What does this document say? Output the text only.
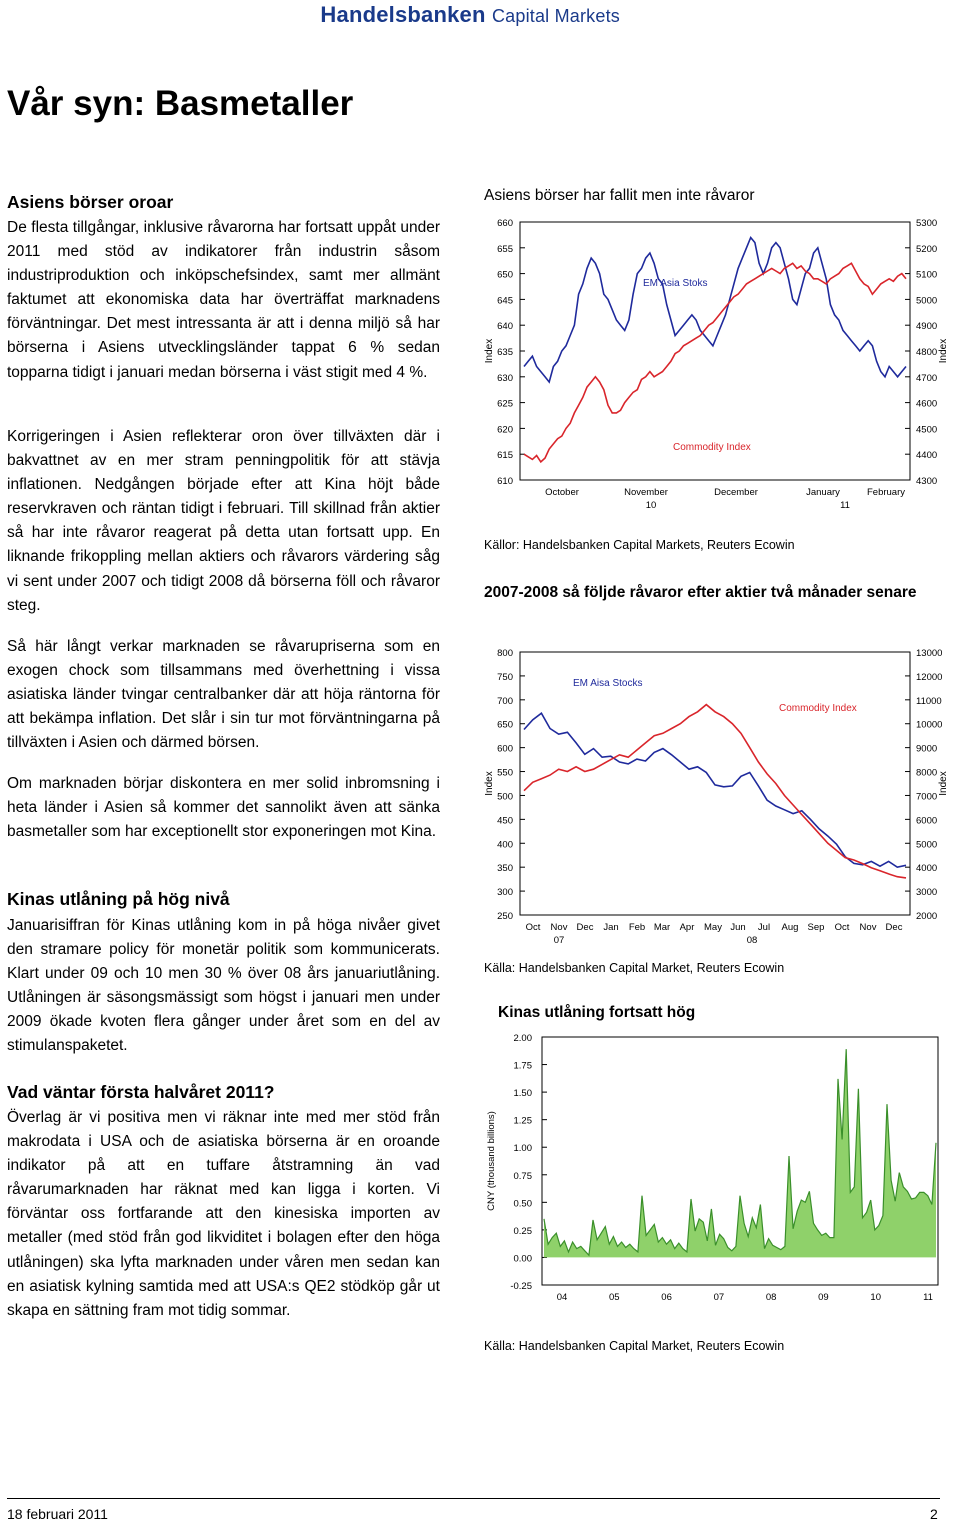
Handelsbanken Capital Markets
Vår syn: Basmetaller
Asiens börser oroar

De flesta tillgångar, inklusive råvarorna har fortsatt uppåt under 2011 med stöd av indikatorer från industrin såsom industriproduktion och inköpschefsindex, samt mer allmänt faktumet att ekonomiska data har överträffat marknadens förväntningar. Det mest intressanta är att i denna miljö så har börserna i Asiens utvecklingsländer tappat 6 % sedan topparna tidigt i januari medan börserna i väst stigit med 4 %.

Korrigeringen i Asien reflekterar oron över tillväxten där i bakvattnet av en mer stram penningpolitik för att stävja inflationen. Nedgången började efter att Kina höjt både reservkraven och räntan tidigt i februari. Till skillnad från aktier så har inte råvaror reagerat på detta utan fortsatt upp. En liknande frikoppling mellan aktiers och råvarors värdering såg vi sent under 2007 och tidigt 2008 då börserna föll och råvaror steg.

Så här långt verkar marknaden se råvarupriserna som en exogen chock som tillsammans med överhettning i vissa asiatiska länder tvingar centralbanker där att höja räntorna för att bekämpa inflation. Det slår i sin tur mot förväntningarna på tillväxten i Asien och därmed börsen.

Om marknaden börjar diskontera en mer solid inbromsning i heta länder i Asien så kommer det sannolikt även att sänka basmetaller som har exceptionellt stor exponeringen mot Kina.

Kinas utlåning på hög nivå

Januarisiffran för Kinas utlåning kom in på höga nivåer givet den stramare policy för monetär politik som kommunicerats. Klart under 09 och 10 men 30 % över 08 års januariutlåning. Utlåningen är säsongsmässigt som högst i januari men under 2009 ökade kvoten flera gånger under året som en del av stimulanspaketet.

Vad väntar första halvåret 2011?

Överlag är vi positiva men vi räknar inte med mer stöd från makrodata i USA och de asiatiska börserna är en oroande indikator på att en tuffare åtstramning än vad råvarumarknaden har räknat med kan ligga i korten. Vi förväntar oss fortfarande att den kinesiska importen av metaller (med stöd från god likviditet i bolagen efter den höga utlåningen) ska lyfta marknaden under våren men sedan kan en asiatisk kylning samtida med att USA:s QE2 stödköp går ut skapa en sättning fram mot tidig sommar.

Asiens börser har fallit men inte råvaror
660
655
650
645
640
635
630
625
620
615
610
5300
5200
5100
5000
4900
4800
4700
4600
4500
4400
4300
Index	Index
October	November	December	January	February
10	11
EM Asia Stoks
Commodity Index
Källor: Handelsbanken Capital Markets, Reuters Ecowin
2007-2008 så följde råvaror efter aktier två månader senare
800
750
700
650
600
550
500
450
400
350
300
250
13000
12000
11000
10000
9000
8000
7000
6000
5000
4000
3000
2000
Index	Index
Oct Nov Dec Jan Feb Mar Apr May Jun Jul Aug Sep Oct Nov Dec
07	08
EM Aisa Stocks
Commodity Index
Källa: Handelsbanken Capital Market, Reuters Ecowin
Kinas utlåning fortsatt hög
2.00
1.75
1.50
1.25
1.00
0.75
0.50
0.25
0.00
-0.25
CNY (thousand billions)
04	05	06	07	08	09	10	11
Källa: Handelsbanken Capital Market, Reuters Ecowin
18 februari 2011	2
